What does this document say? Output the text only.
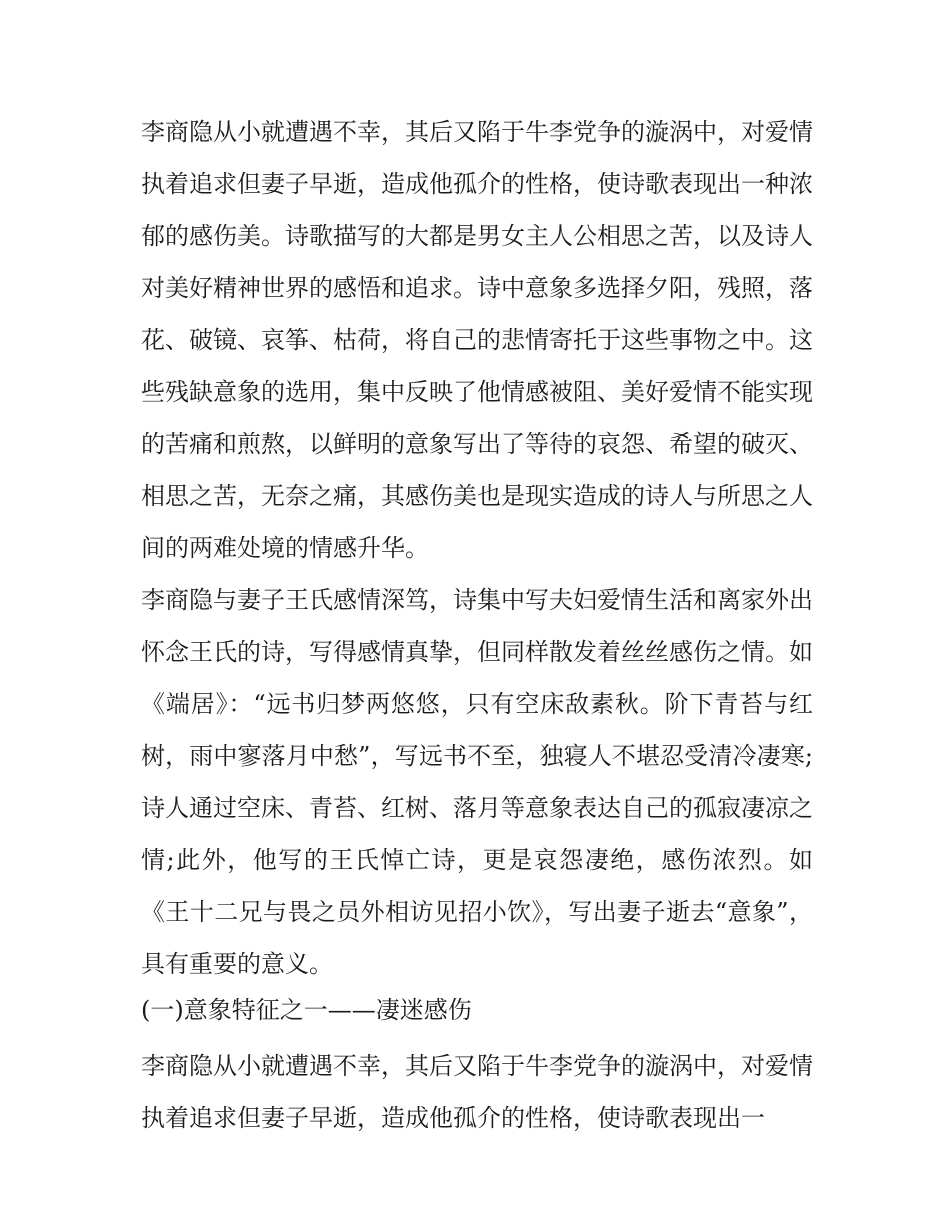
李商隐从小就遭遇不幸，其后又陷于牛李党争的漩涡中，对爱情执着追求但妻子早逝，造成他孤介的性格，使诗歌表现出一种浓郁的感伤美。诗歌描写的大都是男女主人公相思之苦，以及诗人对美好精神世界的感悟和追求。诗中意象多选择夕阳，残照，落花、破镜、哀筝、枯荷，将自己的悲情寄托于这些事物之中。这些残缺意象的选用，集中反映了他情感被阻、美好爱情不能实现的苦痛和煎熬，以鲜明的意象写出了等待的哀怨、希望的破灭、相思之苦，无奈之痛，其感伤美也是现实造成的诗人与所思之人间的两难处境的情感升华。

李商隐与妻子王氏感情深笃，诗集中写夫妇爱情生活和离家外出怀念王氏的诗，写得感情真挚，但同样散发着丝丝感伤之情。如《端居》：“远书归梦两悠悠，只有空床敌素秋。阶下青苔与红树，雨中寥落月中愁”，写远书不至，独寝人不堪忍受清冷凄寒;诗人通过空床、青苔、红树、落月等意象表达自己的孤寂凄凉之情;此外，他写的王氏悼亡诗，更是哀怨凄绝，感伤浓烈。如《王十二兄与畏之员外相访见招小饮》，写出妻子逝去“意象”，具有重要的意义。

(一)意象特征之一——凄迷感伤

李商隐从小就遭遇不幸，其后又陷于牛李党争的漩涡中，对爱情执着追求但妻子早逝，造成他孤介的性格，使诗歌表现出一
